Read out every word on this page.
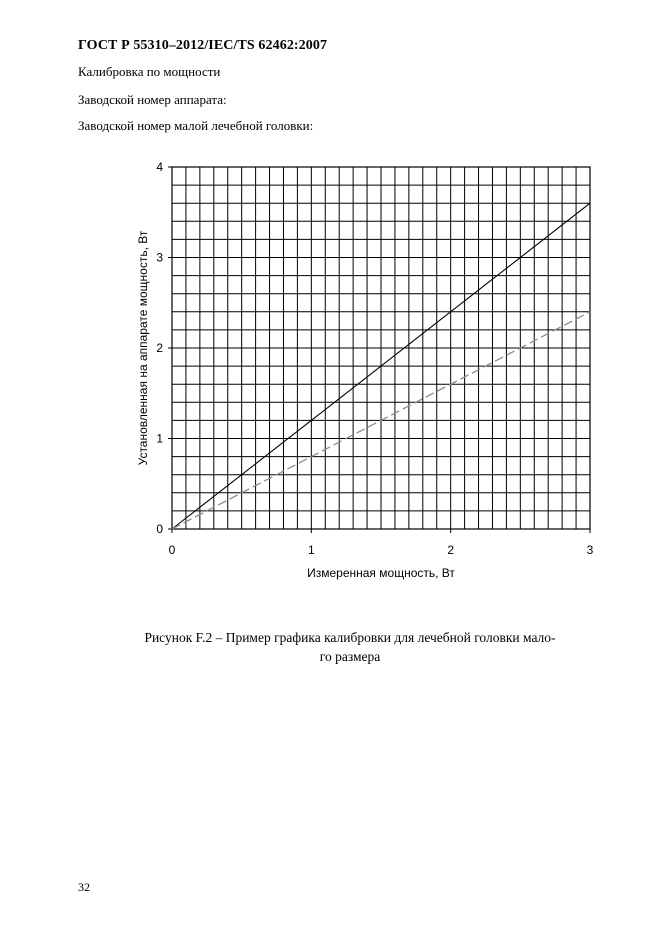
ГОСТ Р 55310–2012/IEC/TS 62462:2007
Калибровка по мощности
Заводской номер аппарата:
Заводской номер малой лечебной головки:
0	1	2	3
0
1
2
3
4
Измеренная мощность, Вт
Установленная на аппарате мощность, Вт
Рисунок F.2 – Пример графика калибровки для лечебной головки мало-
го размера
32
